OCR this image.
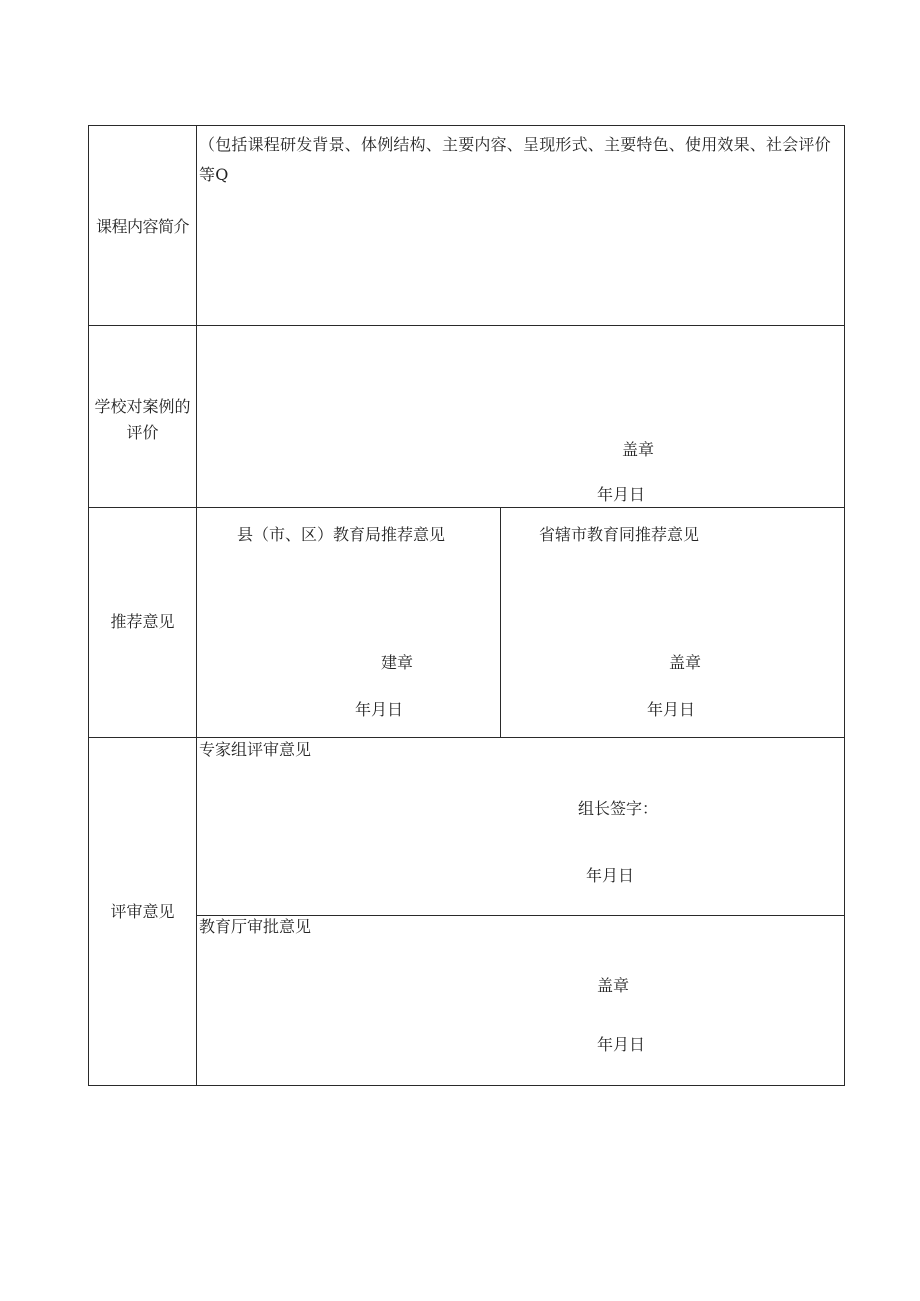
课程内容简介
（包括课程研发背景、体例结构、主要内容、呈现形式、主要特色、使用效果、社会评价等Q
学校对案例的
评价
盖章
年月日
推荐意见
县（市、区）教育局推荐意见
建章
年月日
省辖市教育同推荐意见
盖章
年月日
评审意见
专家组评审意见
组长签字：
年月日
教育厅审批意见
盖章
年月日
